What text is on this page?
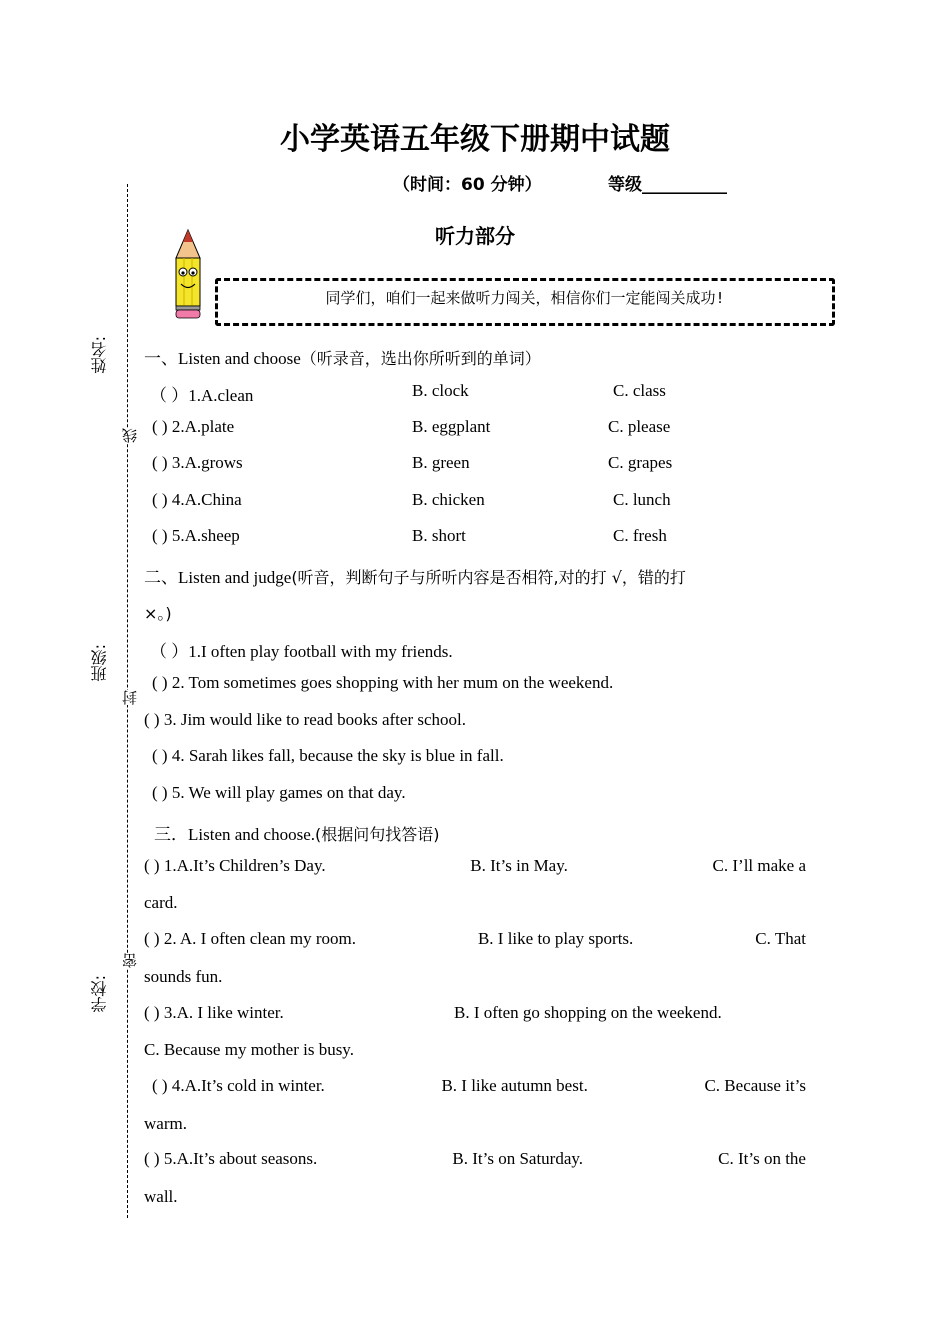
小学英语五年级下册期中试题
（时间：60 分钟）	等级__________
听力部分
姓名:
班级:
学校:
线
封
密
同学们，咱们一起来做听力闯关，相信你们一定能闯关成功!
一、Listen and choose（听录音，选出你所听到的单词）
（ ）1.A.clean	B. clock	C. class
( ) 2.A.plate	B. eggplant	C. please
( ) 3.A.grows	B. green	C. grapes
( ) 4.A.China	B. chicken	C. lunch
( ) 5.A.sheep	B. short	C. fresh
二、Listen and judge(听音，判断句子与所听内容是否相符,对的打 √，错的打
×。)
（ ）1.I often play football with my friends.
( ) 2. Tom sometimes goes shopping with her mum on the weekend.
( ) 3. Jim would like to read books after school.
( ) 4. Sarah likes fall, because the sky is blue in fall.
( ) 5. We will play games on that day.
三．Listen and choose.(根据问句找答语)
( ) 1.A.It’s Children’s Day.	B. It’s in May.	C. I’ll make a
card.
( ) 2. A. I often clean my room.	B. I like to play sports.	C. That
sounds fun.
( ) 3.A. I like winter.	B. I often go shopping on the weekend.
C. Because my mother is busy.
( ) 4.A.It’s cold in winter.	B. I like autumn best.	C. Because it’s
warm.
( ) 5.A.It’s about seasons.	B. It’s on Saturday.	C. It’s on the
wall.
